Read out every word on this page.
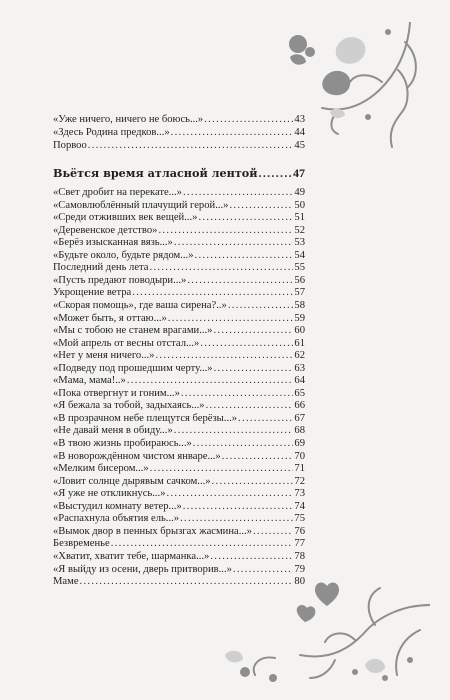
«Уже ничего, ничего не боюсь...» .....	43
«Здесь Родина предков...» .....	44
Порвоо .....	45
Вьётся время атласной лентой .....	47
«Свет дробит на перекате...» .....	49
«Самовлюблённый плачущий герой...» .....	50
«Среди отживших век вещей...» .....	51
«Деревенское детство» .....	52
«Берёз изысканная вязь...» .....	53
«Будьте около, будьте рядом...» .....	54
Последний день лета .....	55
«Пусть предают поводыри...» .....	56
Укрощение ветра .....	57
«Скорая помощь», где ваша сирена?..» .....	58
«Может быть, я оттаю...» .....	59
«Мы с тобою не станем врагами...» .....	60
«Мой апрель от весны отстал...» .....	61
«Нет у меня ничего...» .....	62
«Подведу под прошедшим черту...» .....	63
«Мама, мама!..» .....	64
«Пока отвергнут и гоним...» .....	65
«Я бежала за тобой, задыхаясь...» .....	66
«В прозрачном небе плещутся берёзы...» .....	67
«Не давай меня в обиду...» .....	68
«В твою жизнь пробираюсь...» .....	69
«В новорождённом чистом январе...» .....	70
«Мелким бисером...» .....	71
«Ловит солнце дырявым сачком...» .....	72
«Я уже не откликнусь...» .....	73
«Выстудил комнату ветер...» .....	74
«Распахнула объятия ель...» .....	75
«Вымок двор в пенных брызгах жасмина...» .....	76
Безвременье .....	77
«Хватит, хватит тебе, шарманка...» .....	78
«Я выйду из осени, дверь притворив...» .....	79
Маме .....	80
